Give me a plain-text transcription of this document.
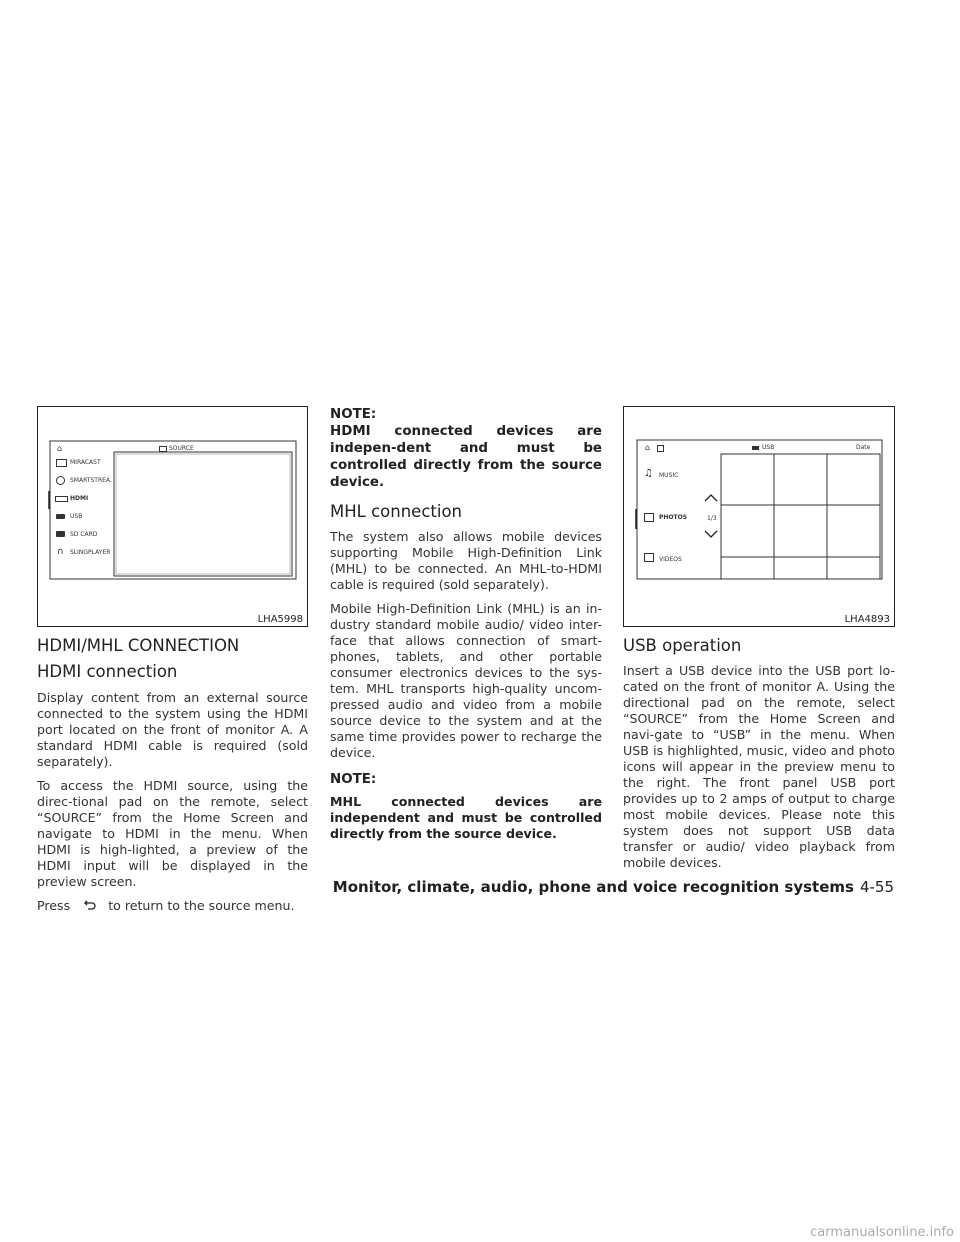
⌂	SOURCE
MIRACAST
SMARTSTREA.
HDMI
USB
SD CARD
∩ SLINGPLAYER
LHA5998
HDMI/MHL CONNECTION
HDMI connection

Display content from an external source connected to the system using the HDMI port located on the front of monitor A. A standard HDMI cable is required (sold separately).

To access the HDMI source, using the direc-tional pad on the remote, select “SOURCE” from the Home Screen and navigate to HDMI in the menu. When HDMI is high-lighted, a preview of the HDMI input will be displayed in the preview screen.

Press	to return to the source menu.

NOTE:

HDMI connected devices are indepen-dent and must be controlled directly from the source device.

MHL connection

The system also allows mobile devices supporting Mobile High-Definition Link (MHL) to be connected. An MHL-to-HDMI cable is required (sold separately).

Mobile High-Definition Link (MHL) is an in-dustry standard mobile audio/ video inter-face that allows connection of smart-phones, tablets, and other portable consumer electronics devices to the sys-tem. MHL transports high-quality uncom-pressed audio and video from a mobile source device to the system and at the same time provides power to recharge the device.

NOTE:

MHL connected devices are independent and must be controlled directly from the source device.

⌂	USB	Date
♫ MUSIC
PHOTOS	1/3
VIDEOS
LHA4893
USB operation

Insert a USB device into the USB port lo-cated on the front of monitor A. Using the directional pad on the remote, select “SOURCE” from the Home Screen and navi-gate to “USB” in the menu. When USB is highlighted, music, video and photo icons will appear in the preview menu to the right. The front panel USB port provides up to 2 amps of output to charge most mobile devices. Please note this system does not support USB data transfer or audio/ video playback from mobile devices.

Monitor, climate, audio, phone and voice recognition systems 4-55
carmanualsonline.info
